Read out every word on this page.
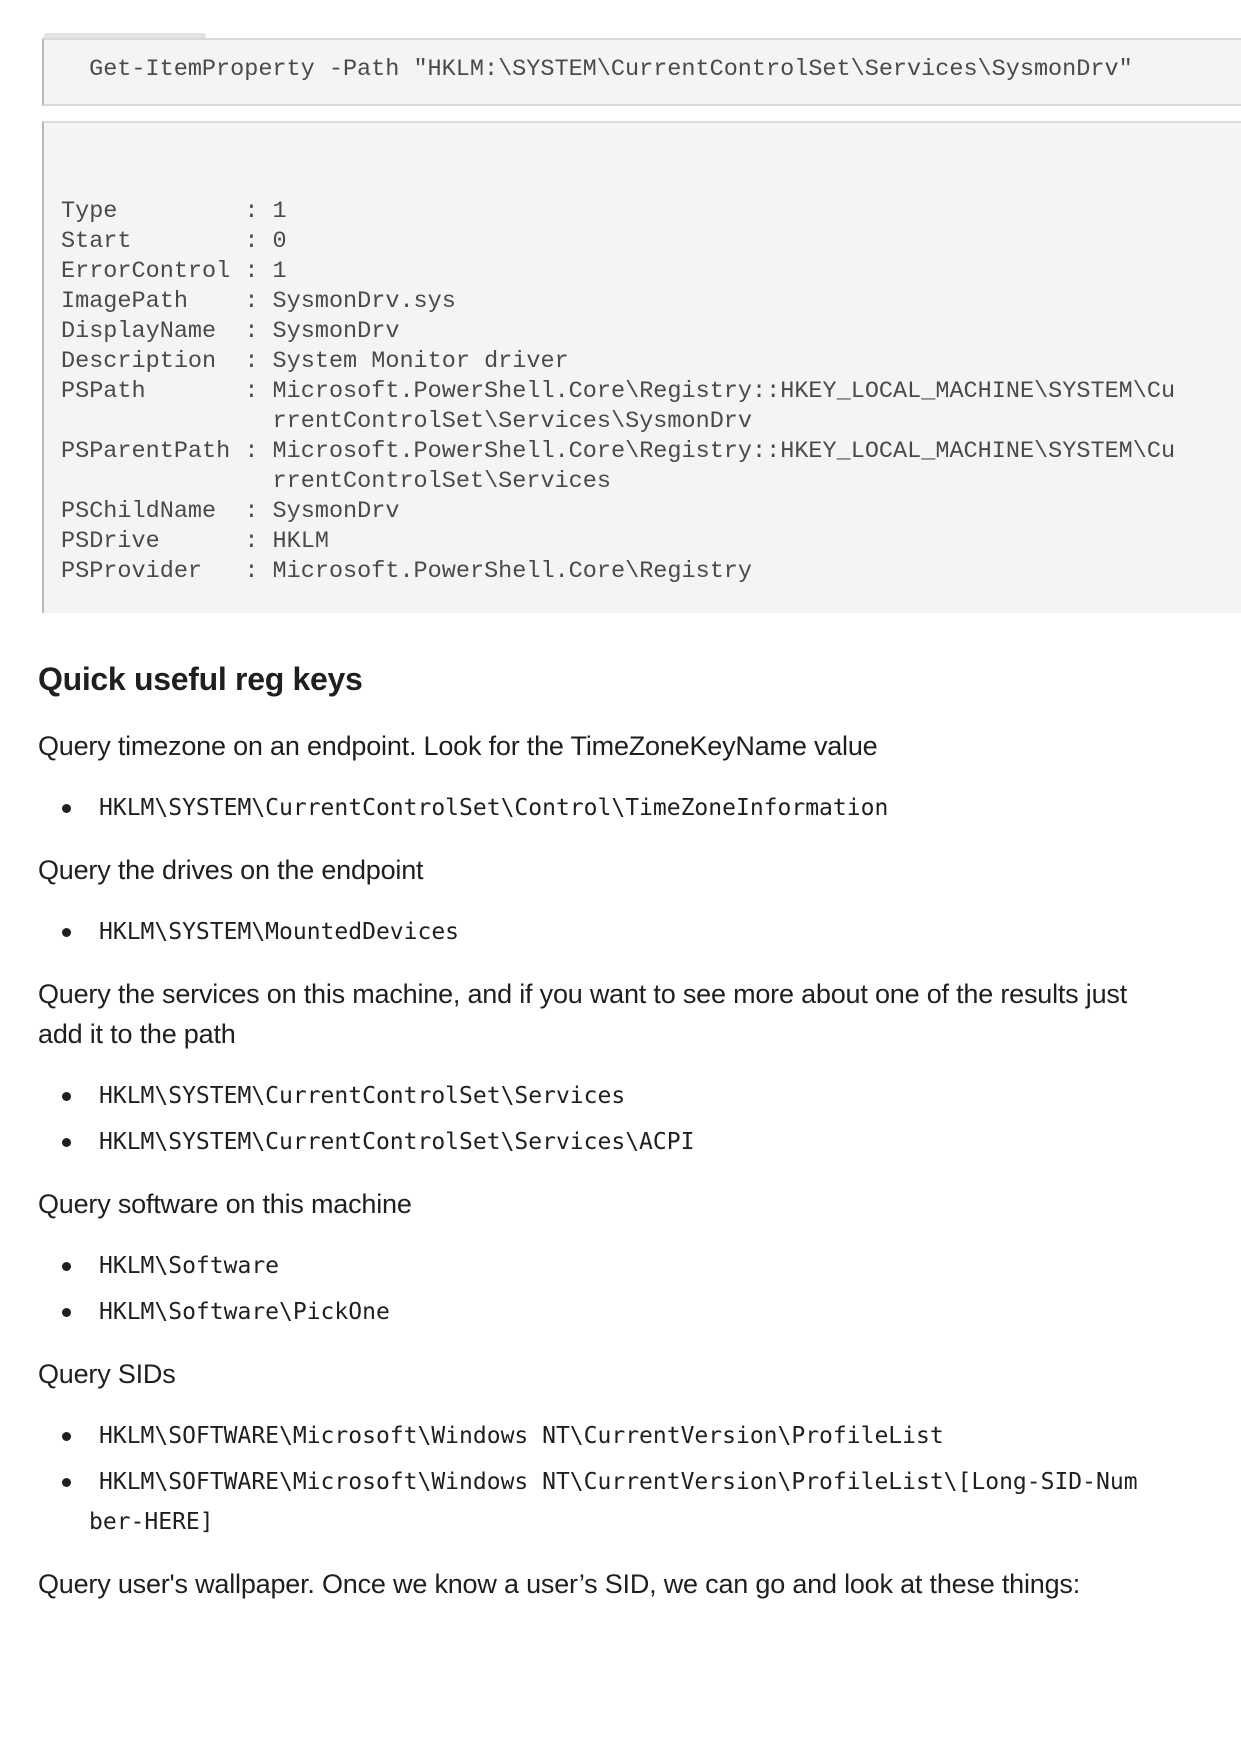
Get-ItemProperty -Path "HKLM:\SYSTEM\CurrentControlSet\Services\SysmonDrv"
Type         : 1
Start        : 0
ErrorControl : 1
ImagePath    : SysmonDrv.sys
DisplayName  : SysmonDrv
Description  : System Monitor driver
PSPath       : Microsoft.PowerShell.Core\Registry::HKEY_LOCAL_MACHINE\SYSTEM\Cu
rrentControlSet\Services\SysmonDrv
PSParentPath : Microsoft.PowerShell.Core\Registry::HKEY_LOCAL_MACHINE\SYSTEM\Cu
rrentControlSet\Services
PSChildName  : SysmonDrv
PSDrive      : HKLM
PSProvider   : Microsoft.PowerShell.Core\Registry
Quick useful reg keys

Query timezone on an endpoint. Look for the TimeZoneKeyName value

HKLM\SYSTEM\CurrentControlSet\Control\TimeZoneInformation

Query the drives on the endpoint

HKLM\SYSTEM\MountedDevices

Query the services on this machine, and if you want to see more about one of the results just add it to the path

HKLM\SYSTEM\CurrentControlSet\Services
HKLM\SYSTEM\CurrentControlSet\Services\ACPI

Query software on this machine

HKLM\Software
HKLM\Software\PickOne

Query SIDs

HKLM\SOFTWARE\Microsoft\Windows NT\CurrentVersion\ProfileList
HKLM\SOFTWARE\Microsoft\Windows NT\CurrentVersion\ProfileList\[Long-SID-Number-HERE]

Query user's wallpaper. Once we know a user’s SID, we can go and look at these things:
